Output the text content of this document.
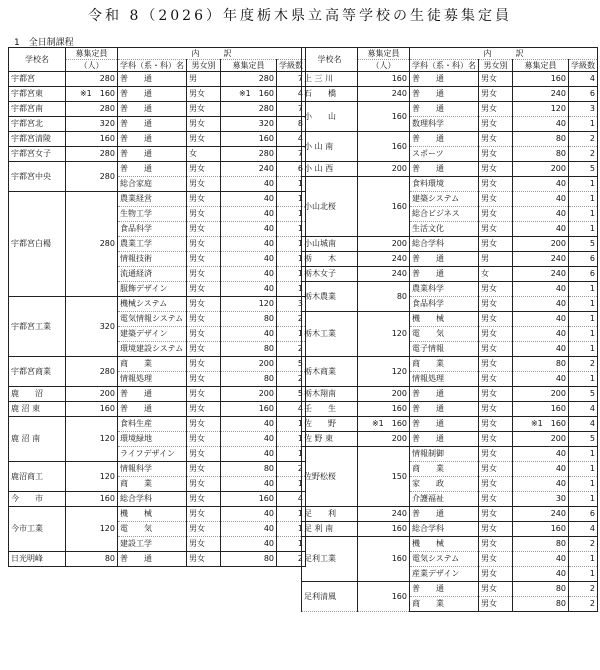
令和 8（2026）年度栃木県立高等学校の生徒募集定員
1　全日制課程
学校名	募集定員	内　　　訳			
	（人）	学科（系・科）名	男女別	募集定員	学級数
宇都宮	280	普　　通	男	280	7
宇都宮東	※1　160	普　　通	男女	※1　160	4
宇都宮南	280	普　　通	男女	280	7
宇都宮北	320	普　　通	男女	320	8
宇都宮清陵	160	普　　通	男女	160	4
宇都宮女子	280	普　　通	女	280	7
宇都宮中央	280	普　　通	男女	240	6
		総合家庭	男女	40	1
宇都宮白楊	280	農業経営	男女	40	1
		生物工学	男女	40	1
		食品科学	男女	40	1
		農業工学	男女	40	1
		情報技術	男女	40	1
		流通経済	男女	40	1
		服飾デザイン	男女	40	1
宇都宮工業	320	機械システム	男女	120	3
		電気情報システム	男女	80	2
		建築デザイン	男女	40	1
		環境建設システム	男女	80	2
宇都宮商業	280	商　　業	男女	200	5
		情報処理	男女	80	2
鹿　　沼	200	普　　通	男女	200	5
鹿 沼 東	160	普　　通	男女	160	4
鹿 沼 南	120	食料生産	男女	40	1
		環境緑地	男女	40	1
		ライフデザイン	男女	40	1
鹿沼商工	120	情報科学	男女	80	2
		商　　業	男女	40	1
今　　市	160	総合学科	男女	160	4
今市工業	120	機　　械	男女	40	1
		電　　気	男女	40	1
		建設工学	男女	40	1
日光明峰	80	普　　通	男女	80	2
学校名	募集定員	内　　　訳			
	（人）	学科（系・科）名	男女別	募集定員	学級数
上 三 川	160	普　　通	男女	160	4
石　　橋	240	普　　通	男女	240	6
小　　山	160	普　　通	男女	120	3
		数理科学	男女	40	1
小 山 南	160	普　　通	男女	80	2
		スポーツ	男女	80	2
小 山 西	200	普　　通	男女	200	5
小山北桜	160	食料環境	男女	40	1
		建築システム	男女	40	1
		総合ビジネス	男女	40	1
		生活文化	男女	40	1
小山城南	200	総合学科	男女	200	5
栃　　木	240	普　　通	男	240	6
栃木女子	240	普　　通	女	240	6
栃木農業	80	農業科学	男女	40	1
		食品科学	男女	40	1
栃木工業	120	機　　械	男女	40	1
		電　　気	男女	40	1
		電子情報	男女	40	1
栃木商業	120	商　　業	男女	80	2
		情報処理	男女	40	1
栃木翔南	200	普　　通	男女	200	5
壬　　生	160	普　　通	男女	160	4
佐　　野	※1　160	普　　通	男女	※1　160	4
佐 野 東	200	普　　通	男女	200	5
佐野松桜	150	情報制御	男女	40	1
		商　　業	男女	40	1
		家　　政	男女	40	1
		介護福祉	男女	30	1
足　　利	240	普　　通	男女	240	6
足 利 南	160	総合学科	男女	160	4
足利工業	160	機　　械	男女	80	2
		電気システム	男女	40	1
		産業デザイン	男女	40	1
足利清風	160	普　　通	男女	80	2
		商　　業	男女	80	2
